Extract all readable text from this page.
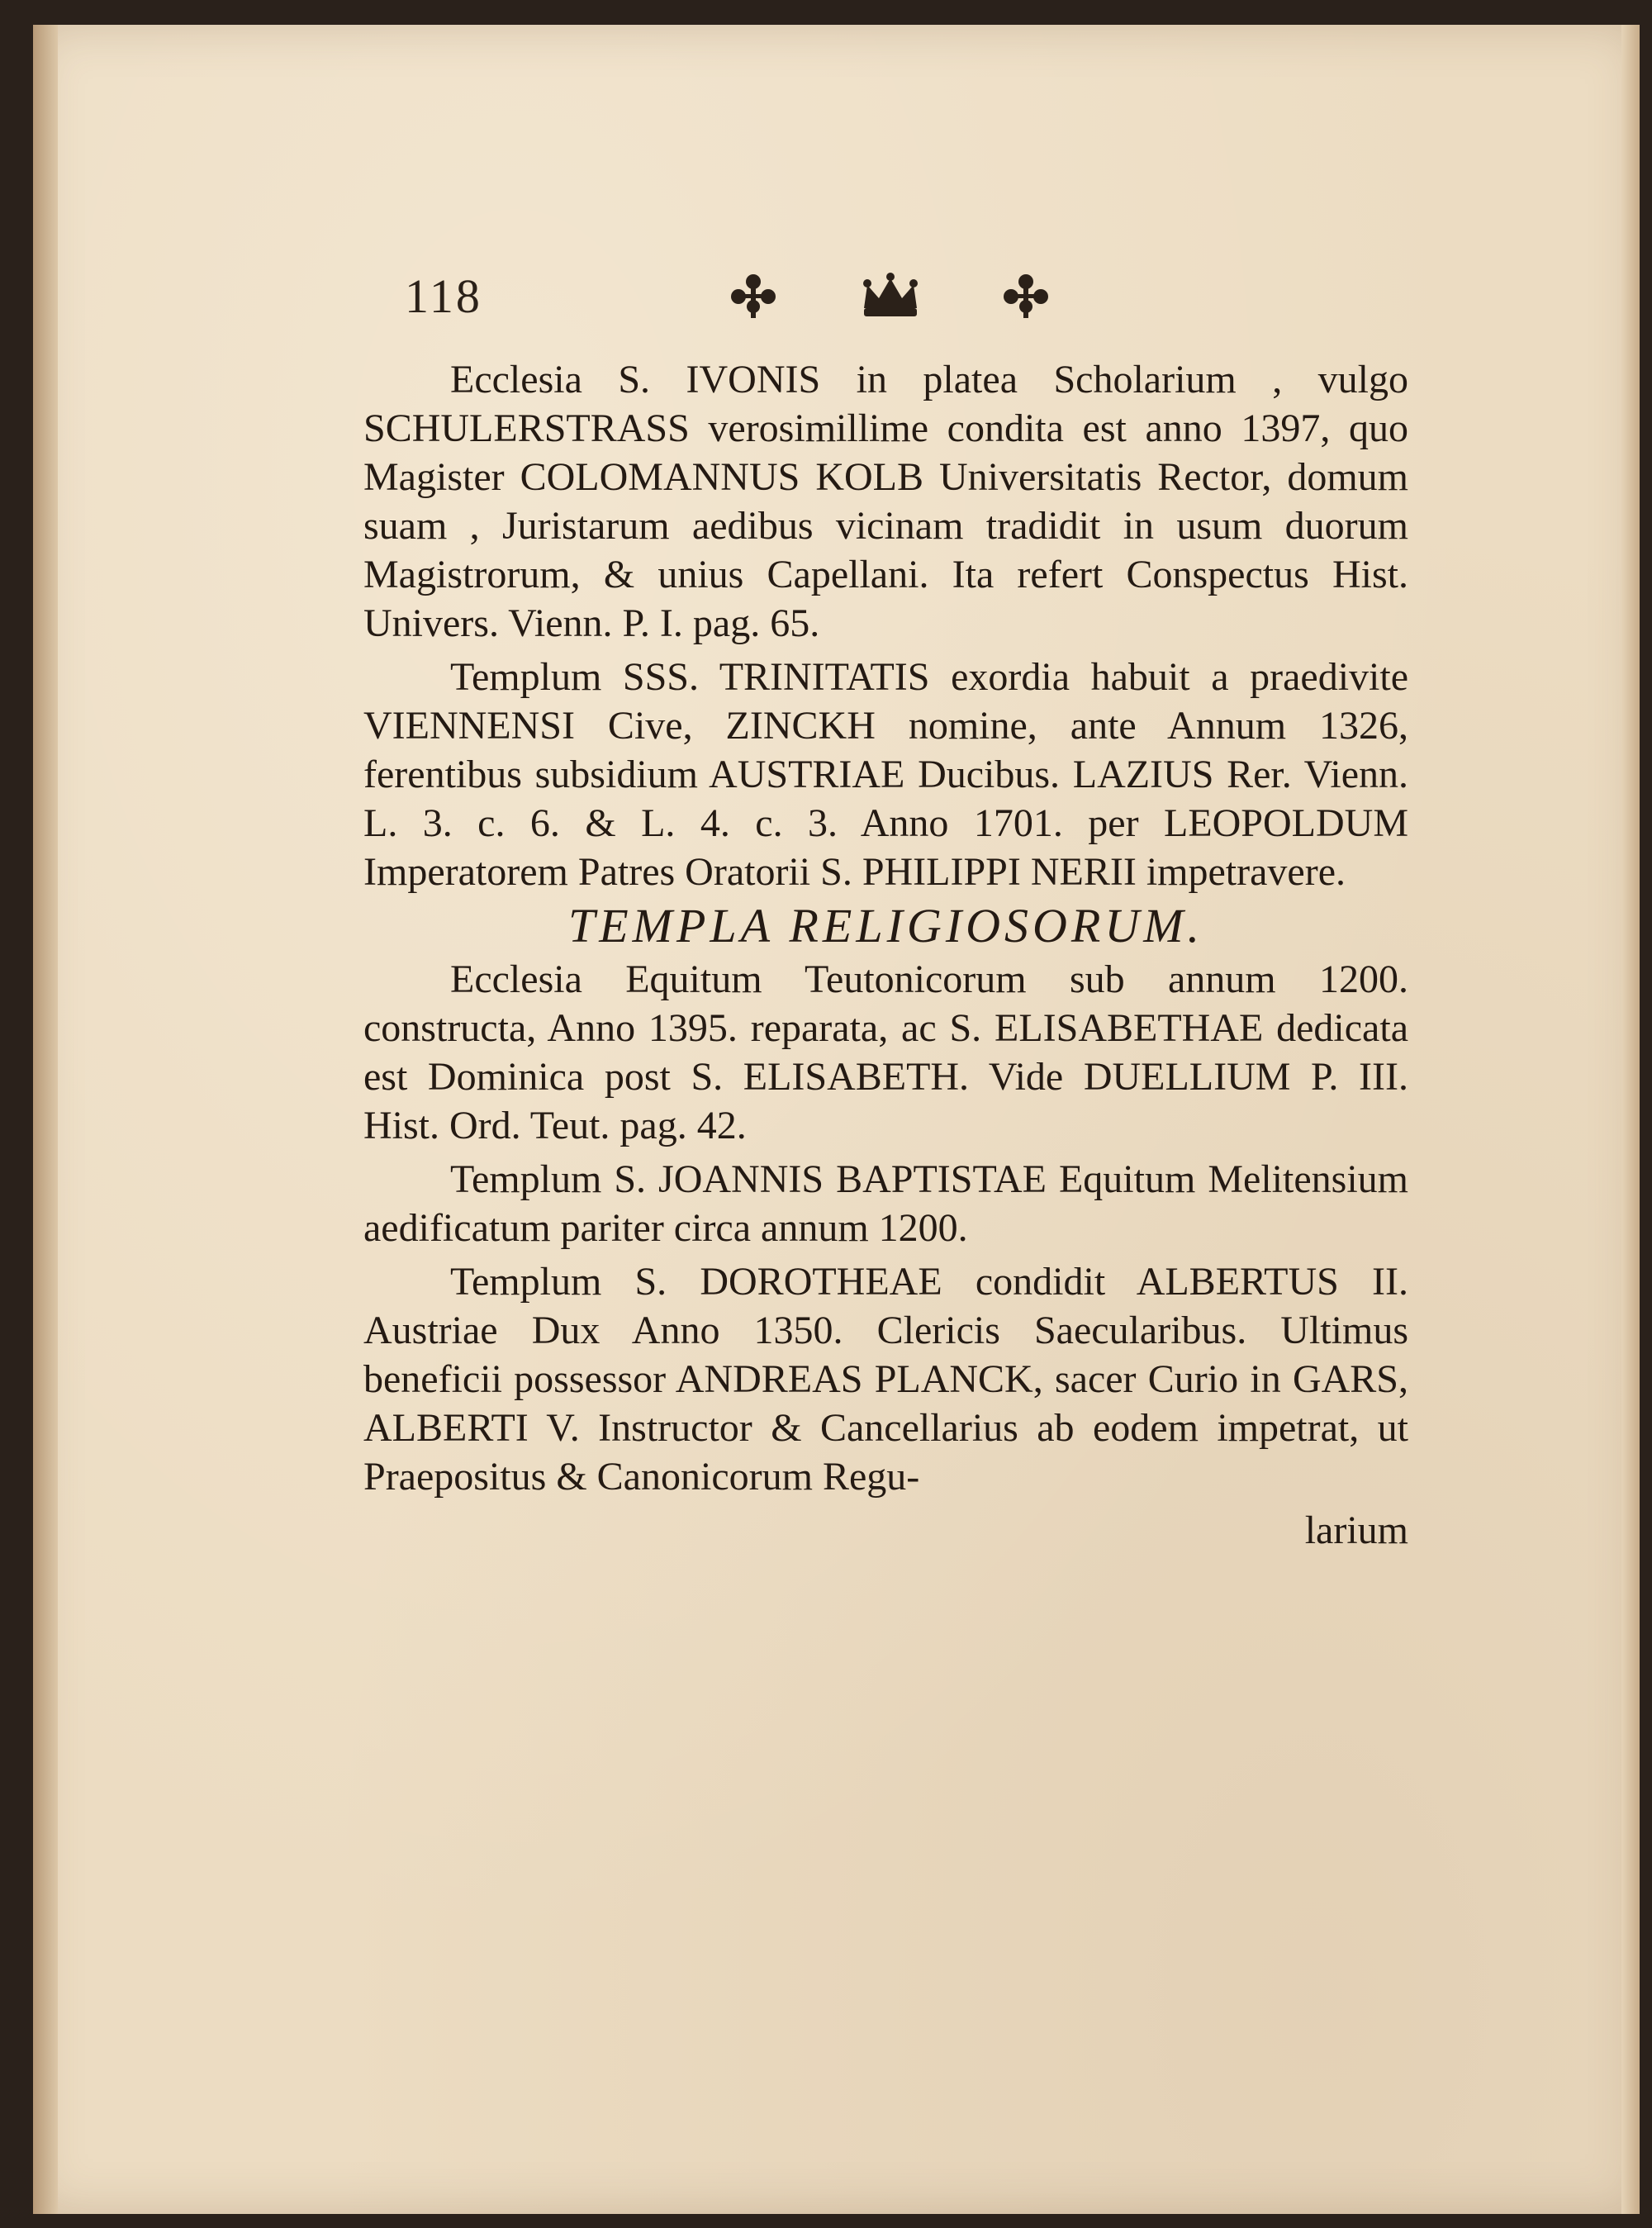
118

Ecclesia S. IVONIS in platea Scholarium , vulgo SCHULERSTRASS verosimillime condita est anno 1397, quo Magister COLOMANNUS KOLB Universitatis Rector, domum suam , Juristarum aedibus vicinam tradidit in usum duorum Magistrorum, & unius Capellani. Ita refert Conspectus Hist. Univers. Vienn. P. I. pag. 65.

Templum SSS. TRINITATIS exordia habuit a praedivite VIENNENSI Cive, ZINCKH nomine, ante Annum 1326, ferentibus subsidium AUSTRIAE Ducibus. LAZIUS Rer. Vienn. L. 3. c. 6. & L. 4. c. 3. Anno 1701. per LEOPOLDUM Imperatorem Patres Oratorii S. PHILIPPI NERII impetravere.

TEMPLA RELIGIOSORUM.

Ecclesia Equitum Teutonicorum sub annum 1200. constructa, Anno 1395. reparata, ac S. ELISABETHAE dedicata est Dominica post S. ELISABETH. Vide DUELLIUM P. III. Hist. Ord. Teut. pag. 42.

Templum S. JOANNIS BAPTISTAE Equitum Melitensium aedificatum pariter circa annum 1200.

Templum S. DOROTHEAE condidit ALBERTUS II. Austriae Dux Anno 1350. Clericis Saecularibus. Ultimus beneficii possessor ANDREAS PLANCK, sacer Curio in GARS, ALBERTI V. Instructor & Cancellarius ab eodem impetrat, ut Praepositus & Canonicorum Regu-

larium
